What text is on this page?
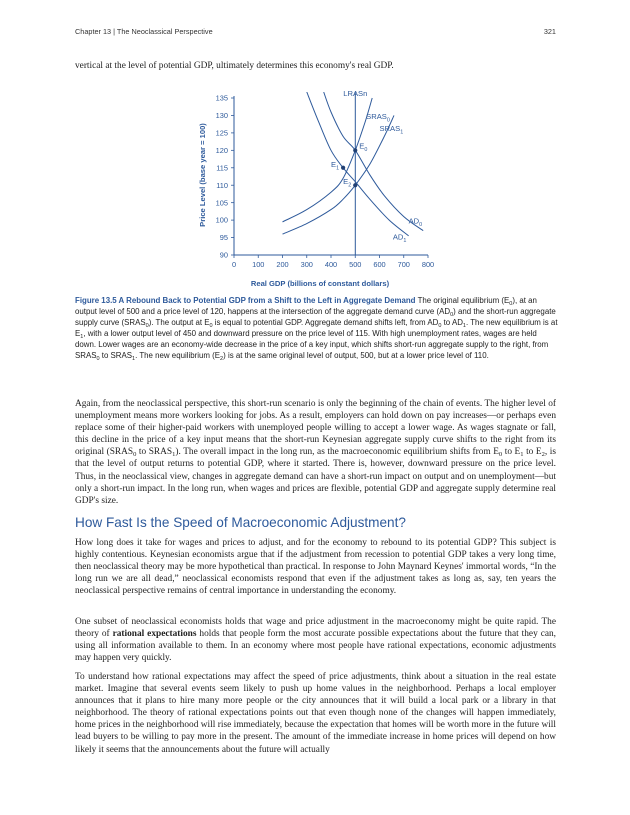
Chapter 13 | The Neoclassical Perspective	321

vertical at the level of potential GDP, ultimately determines this economy's real GDP.

0 100 200 300 400 500 600 700 800
90
95
100
105
110
115
120
125
130
135
LRASn
$SRAS_0$
$SRAS_1$
$AD_0$
$AD_1$
$E_0$
$E_1$
$E_2$
Real GDP (billions of constant dollars)
Price Level (base year = 100)

Figure 13.5 A Rebound Back to Potential GDP from a Shift to the Left in Aggregate Demand The original equilibrium $(E_0)$, at an output level of 500 and a price level of 120, happens at the intersection of the aggregate demand curve $(AD_0)$ and the short-run aggregate supply curve $(SRAS_0)$. The output at $E_0$ is equal to potential GDP. Aggregate demand shifts left, from $AD_0$ to $AD_1$. The new equilibrium is at $E_1$, with a lower output level of 450 and downward pressure on the price level of 115. With high unemployment rates, wages are held down. Lower wages are an economy-wide decrease in the price of a key input, which shifts short-run aggregate supply to the right, from $SRAS_0$ to $SRAS_1$. The new equilibrium $(E_2)$ is at the same original level of output, 500, but at a lower price level of 110.

Again, from the neoclassical perspective, this short-run scenario is only the beginning of the chain of events. The higher level of unemployment means more workers looking for jobs. As a result, employers can hold down on pay increases—or perhaps even replace some of their higher-paid workers with unemployed people willing to accept a lower wage. As wages stagnate or fall, this decline in the price of a key input means that the short-run Keynesian aggregate supply curve shifts to the right from its original ($SRAS_0$ to $SRAS_1$). The overall impact in the long run, as the macroeconomic equilibrium shifts from $E_0$ to $E_1$ to $E_2$, is that the level of output returns to potential GDP, where it started. There is, however, downward pressure on the price level. Thus, in the neoclassical view, changes in aggregate demand can have a short-run impact on output and on unemployment—but only a short-run impact. In the long run, when wages and prices are flexible, potential GDP and aggregate supply determine real GDP's size.

How Fast Is the Speed of Macroeconomic Adjustment?

How long does it take for wages and prices to adjust, and for the economy to rebound to its potential GDP? This subject is highly contentious. Keynesian economists argue that if the adjustment from recession to potential GDP takes a very long time, then neoclassical theory may be more hypothetical than practical. In response to John Maynard Keynes' immortal words, “In the long run we are all dead,” neoclassical economists respond that even if the adjustment takes as long as, say, ten years the neoclassical perspective remains of central importance in understanding the economy.

One subset of neoclassical economists holds that wage and price adjustment in the macroeconomy might be quite rapid. The theory of rational expectations holds that people form the most accurate possible expectations about the future that they can, using all information available to them. In an economy where most people have rational expectations, economic adjustments may happen very quickly.

To understand how rational expectations may affect the speed of price adjustments, think about a situation in the real estate market. Imagine that several events seem likely to push up home values in the neighborhood. Perhaps a local employer announces that it plans to hire many more people or the city announces that it will build a local park or a library in that neighborhood. The theory of rational expectations points out that even though none of the changes will happen immediately, home prices in the neighborhood will rise immediately, because the expectation that homes will be worth more in the future will lead buyers to be willing to pay more in the present. The amount of the immediate increase in home prices will depend on how likely it seems that the announcements about the future will actually
